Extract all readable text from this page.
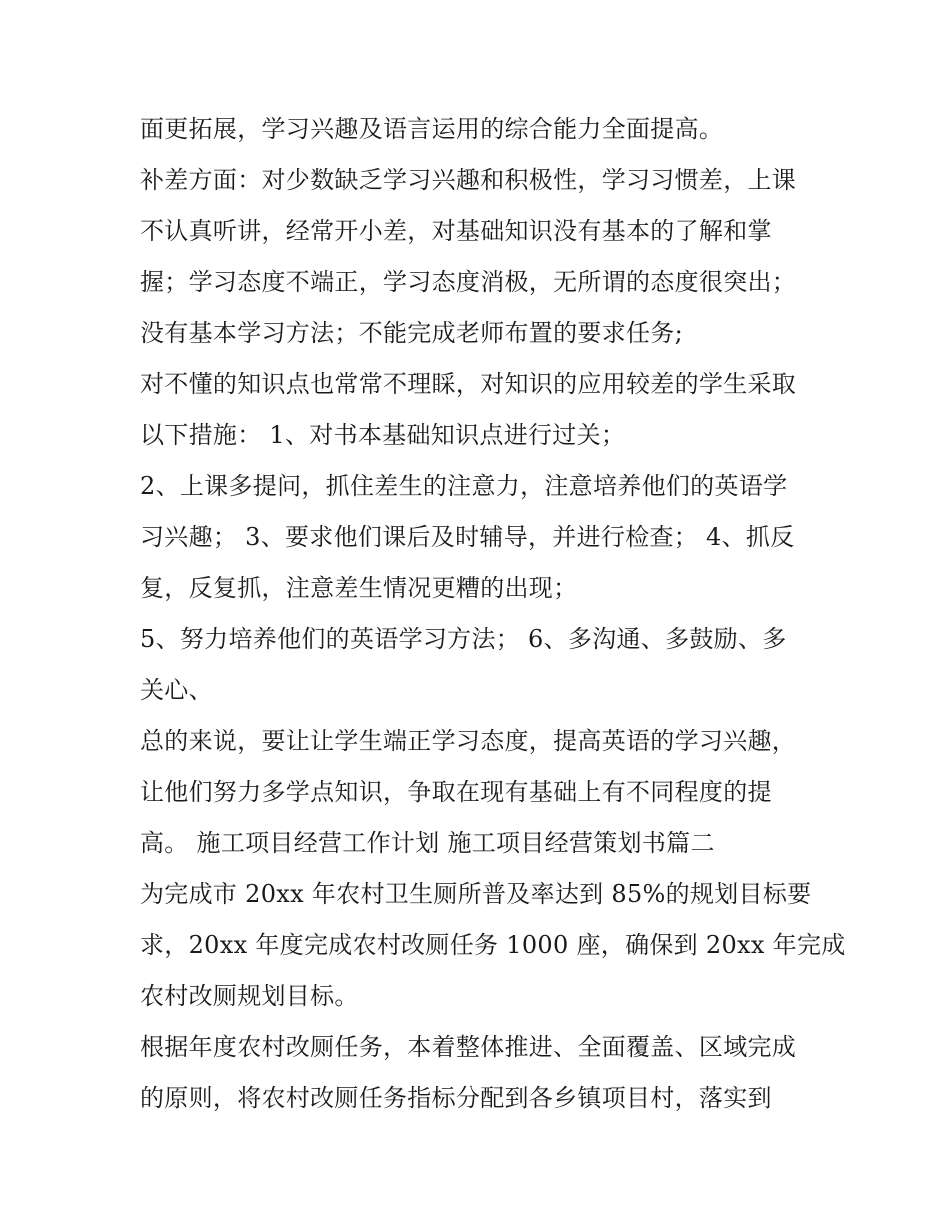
面更拓展，学习兴趣及语言运用的综合能力全面提高。
补差方面：对少数缺乏学习兴趣和积极性，学习习惯差，上课
不认真听讲，经常开小差，对基础知识没有基本的了解和掌
握；学习态度不端正，学习态度消极，无所谓的态度很突出；
没有基本学习方法；不能完成老师布置的要求任务;
对不懂的知识点也常常不理睬，对知识的应用较差的学生采取
以下措施： 1、对书本基础知识点进行过关；
2、上课多提问，抓住差生的注意力，注意培养他们的英语学
习兴趣； 3、要求他们课后及时辅导，并进行检查； 4、抓反
复，反复抓，注意差生情况更糟的出现；
5、努力培养他们的英语学习方法； 6、多沟通、多鼓励、多
关心、
总的来说，要让让学生端正学习态度，提高英语的学习兴趣，
让他们努力多学点知识，争取在现有基础上有不同程度的提
高。 施工项目经营工作计划 施工项目经营策划书篇二
为完成市 20xx 年农村卫生厕所普及率达到 85%的规划目标要
求，20xx 年度完成农村改厕任务 1000 座，确保到 20xx 年完成
农村改厕规划目标。
根据年度农村改厕任务，本着整体推进、全面覆盖、区域完成
的原则，将农村改厕任务指标分配到各乡镇项目村，落实到
